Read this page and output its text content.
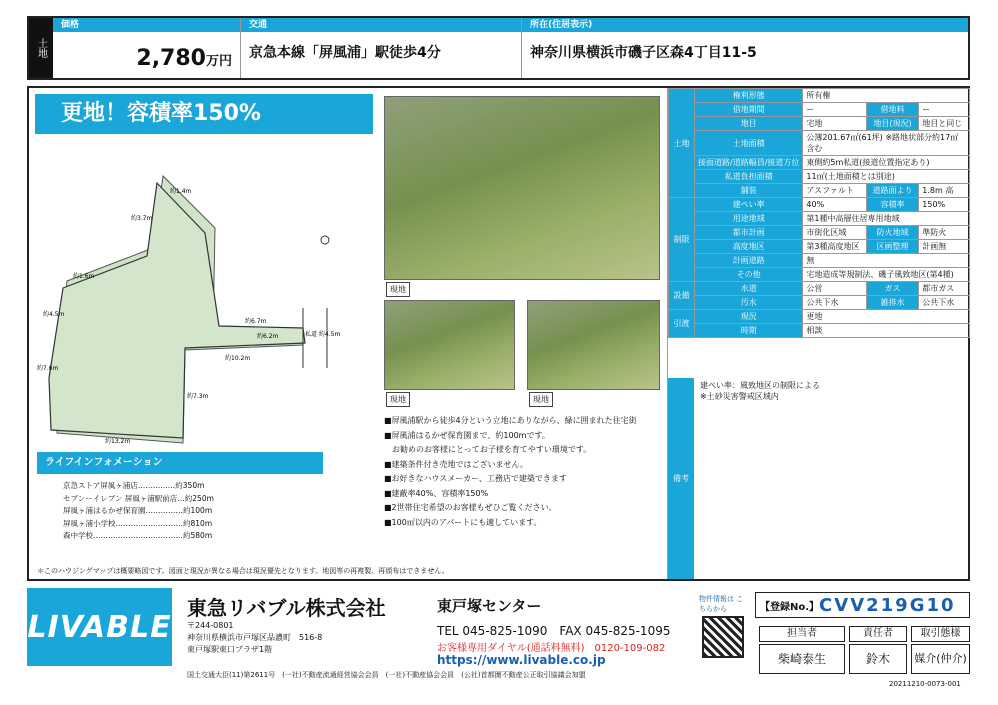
土地
価格
2,780万円
交通
京急本線「屏風浦」駅徒歩4分
所在(住居表示)
神奈川県横浜市磯子区森4丁目11-5
更地！容積率150%
約1.4m
約3.7m
約6.7m
私道 約4.5m
約6.2m
約10.2m
約7.3m
約13.2m
約7.6m
約4.5m
約1.6m
現地
現地	現地
■屏風浦駅から徒歩4分という立地にありながら、緑に囲まれた住宅街
■屏風浦はるかぜ保育園まで、約100mです。
　お勧めのお客様にとってお子様を育てやすい環境です。
■建築条件付き売地ではございません。
■お好きなハウスメーカー、工務店で建築できます
■建蔽率40%、容積率150%
■2世帯住宅希望のお客様もぜひご覧ください。
■100㎡以内のアパートにも適しています。
ライフインフォメーション
京急ストア屏風ヶ浦店……………約350m
セブンーイレブン 屏風ヶ浦駅前店…約250m
屏風ヶ浦はるかぜ保育園……………約100m
屏風ヶ浦小学校………………………約810m
森中学校………………………………約580m
＊このハウジングマップは概要略図です。図面と現況が異なる場合は現況優先となります。地図等の再複製、再頒布はできません。
土地	権利形態	所有権		
	借地期間	ー	借地料	ー
	地目	宅地	地目(現況)	地目と同じ
	土地面積	公簿201.67㎡(61坪) ※路地状部分約17㎡含む		
	接面道路/道路幅員/接道方位	東側約5m私道(接道位置指定あり)		
	私道負担面積	11㎡(土地面積とは別途)		
	舗装	アスファルト	道路面より	1.8m 高
制限	建ぺい率	40%	容積率	150%
	用途地域	第1種中高層住居専用地域		
	都市計画	市街化区域	防火地域	準防火
	高度地区	第3種高度地区	区画整理	計画無
	計画道路	無		
	その他	宅地造成等規制法、磯子風致地区(第4種)		
設備	水道	公営	ガス	都市ガス
	汚水	公共下水	雑排水	公共下水
引渡	現況	更地		
	時期	相談		
備考
建ぺい率：風致地区の制限による
※土砂災害警戒区域内
LIVABLE
東急リバブル株式会社	東戸塚センター
〒244-0801
神奈川県横浜市戸塚区品濃町　516-8
東戸塚駅東口プラザ1階
TEL 045-825-1090　FAX 045-825-1095
お客様専用ダイヤル(通話料無料)　0120-109-082
https://www.livable.co.jp
国土交通大臣(11)第2611号　(一社)不動産流通経営協会会員　(一社)不動産協会会員　(公社)首都圏不動産公正取引協議会加盟
物件情報は こちらから	【登録No.】 CVV219G10
担当者	責任者	取引態様
柴崎泰生	鈴木	媒介(仲介)
20211210-0073-001
